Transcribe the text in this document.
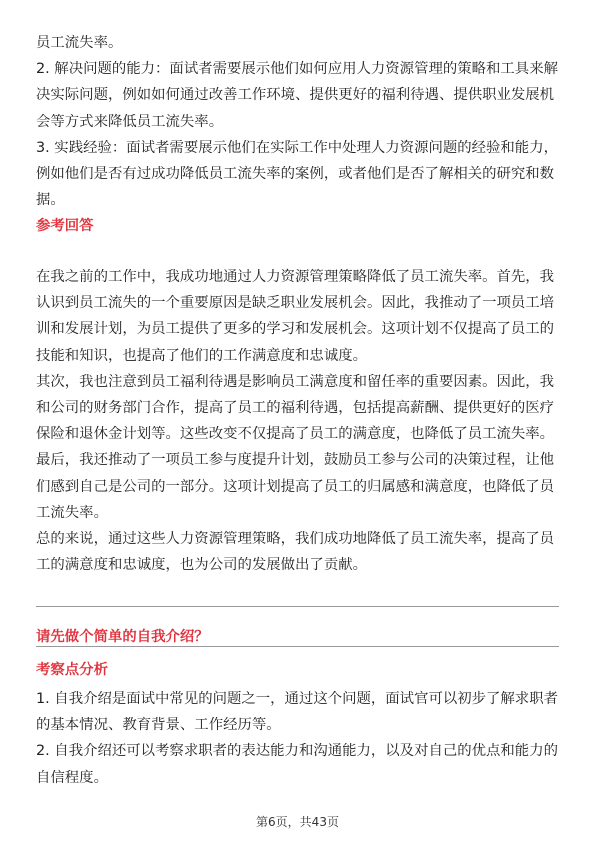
员工流失率。
2. 解决问题的能力：面试者需要展示他们如何应用人力资源管理的策略和工具来解
决实际问题，例如如何通过改善工作环境、提供更好的福利待遇、提供职业发展机
会等方式来降低员工流失率。
3. 实践经验：面试者需要展示他们在实际工作中处理人力资源问题的经验和能力，
例如他们是否有过成功降低员工流失率的案例，或者他们是否了解相关的研究和数
据。

参考回答

在我之前的工作中，我成功地通过人力资源管理策略降低了员工流失率。首先，我
认识到员工流失的一个重要原因是缺乏职业发展机会。因此，我推动了一项员工培
训和发展计划，为员工提供了更多的学习和发展机会。这项计划不仅提高了员工的
技能和知识，也提高了他们的工作满意度和忠诚度。
其次，我也注意到员工福利待遇是影响员工满意度和留任率的重要因素。因此，我
和公司的财务部门合作，提高了员工的福利待遇，包括提高薪酬、提供更好的医疗
保险和退休金计划等。这些改变不仅提高了员工的满意度，也降低了员工流失率。
最后，我还推动了一项员工参与度提升计划，鼓励员工参与公司的决策过程，让他
们感到自己是公司的一部分。这项计划提高了员工的归属感和满意度，也降低了员
工流失率。
总的来说，通过这些人力资源管理策略，我们成功地降低了员工流失率，提高了员
工的满意度和忠诚度，也为公司的发展做出了贡献。

请先做个简单的自我介绍？

考察点分析

1. 自我介绍是面试中常见的问题之一，通过这个问题，面试官可以初步了解求职者
的基本情况、教育背景、工作经历等。
2. 自我介绍还可以考察求职者的表达能力和沟通能力，以及对自己的优点和能力的
自信程度。

第6页，共43页
